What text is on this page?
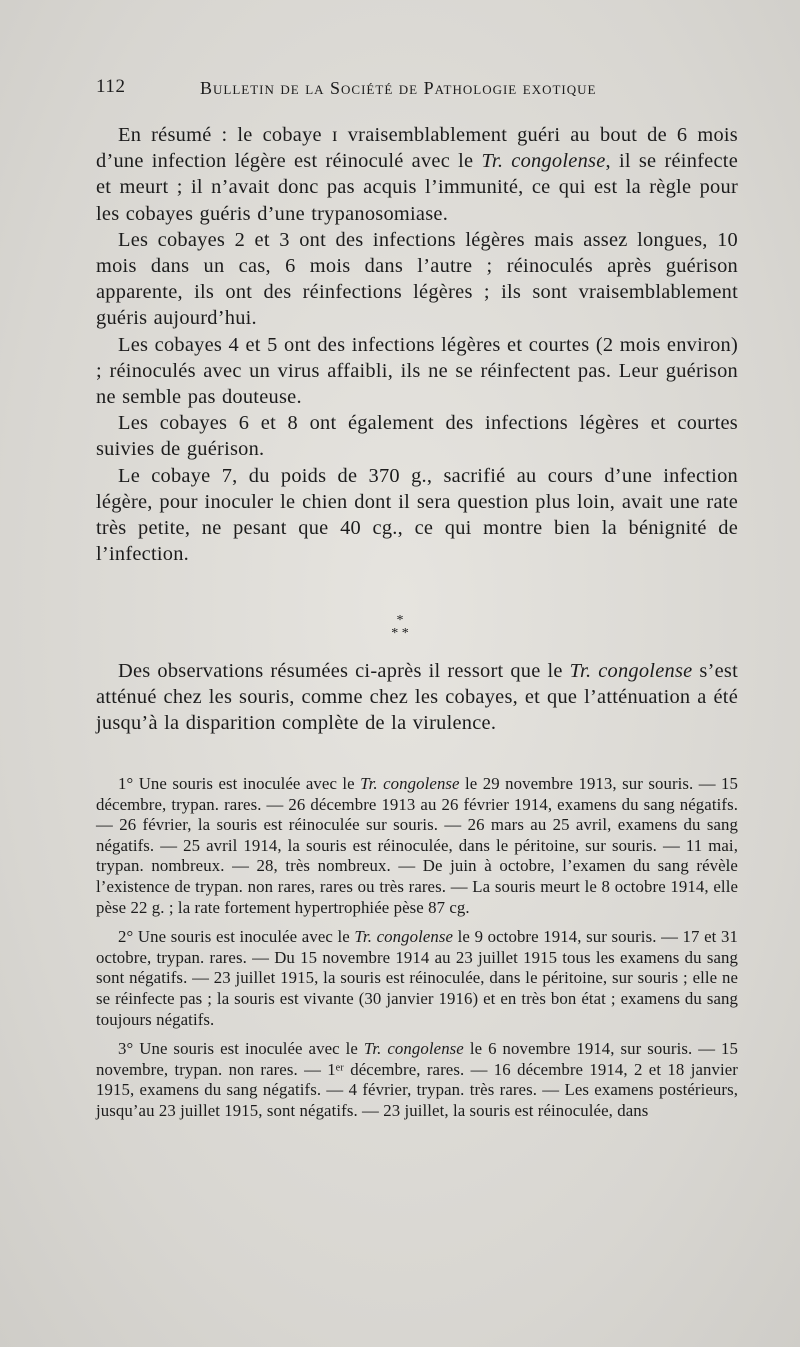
112	Bulletin de la Société de Pathologie exotique

En résumé : le cobaye ɪ vraisemblablement guéri au bout de 6 mois d’une infection légère est réinoculé avec le Tr. congolense, il se réinfecte et meurt ; il n’avait donc pas acquis l’immunité, ce qui est la règle pour les cobayes guéris d’une trypanosomiase.

Les cobayes 2 et 3 ont des infections légères mais assez longues, 10 mois dans un cas, 6 mois dans l’autre ; réinoculés après guérison apparente, ils ont des réinfections légères ; ils sont vraisemblablement guéris aujourd’hui.

Les cobayes 4 et 5 ont des infections légères et courtes (2 mois environ) ; réinoculés avec un virus affaibli, ils ne se réinfectent pas. Leur guérison ne semble pas douteuse.

Les cobayes 6 et 8 ont également des infections légères et courtes suivies de guérison.

Le cobaye 7, du poids de 370 g., sacrifié au cours d’une infection légère, pour inoculer le chien dont il sera question plus loin, avait une rate très petite, ne pesant que 40 cg., ce qui montre bien la bénignité de l’infection.

*
* *

Des observations résumées ci-après il ressort que le Tr. congolense s’est atténué chez les souris, comme chez les cobayes, et que l’atténuation a été jusqu’à la disparition complète de la virulence.

1° Une souris est inoculée avec le Tr. congolense le 29 novembre 1913, sur souris. — 15 décembre, trypan. rares. — 26 décembre 1913 au 26 février 1914, examens du sang négatifs. — 26 février, la souris est réinoculée sur souris. — 26 mars au 25 avril, examens du sang négatifs. — 25 avril 1914, la souris est réinoculée, dans le péritoine, sur souris. — 11 mai, trypan. nombreux. — 28, très nombreux. — De juin à octobre, l’examen du sang révèle l’existence de trypan. non rares, rares ou très rares. — La souris meurt le 8 octobre 1914, elle pèse 22 g. ; la rate fortement hypertrophiée pèse 87 cg.

2° Une souris est inoculée avec le Tr. congolense le 9 octobre 1914, sur souris. — 17 et 31 octobre, trypan. rares. — Du 15 novembre 1914 au 23 juillet 1915 tous les examens du sang sont négatifs. — 23 juillet 1915, la souris est réinoculée, dans le péritoine, sur souris ; elle ne se réinfecte pas ; la souris est vivante (30 janvier 1916) et en très bon état ; examens du sang toujours négatifs.

3° Une souris est inoculée avec le Tr. congolense le 6 novembre 1914, sur souris. — 15 novembre, trypan. non rares. — 1ᵉʳ décembre, rares. — 16 décembre 1914, 2 et 18 janvier 1915, examens du sang négatifs. — 4 février, trypan. très rares. — Les examens postérieurs, jusqu’au 23 juillet 1915, sont négatifs. — 23 juillet, la souris est réinoculée, dans
